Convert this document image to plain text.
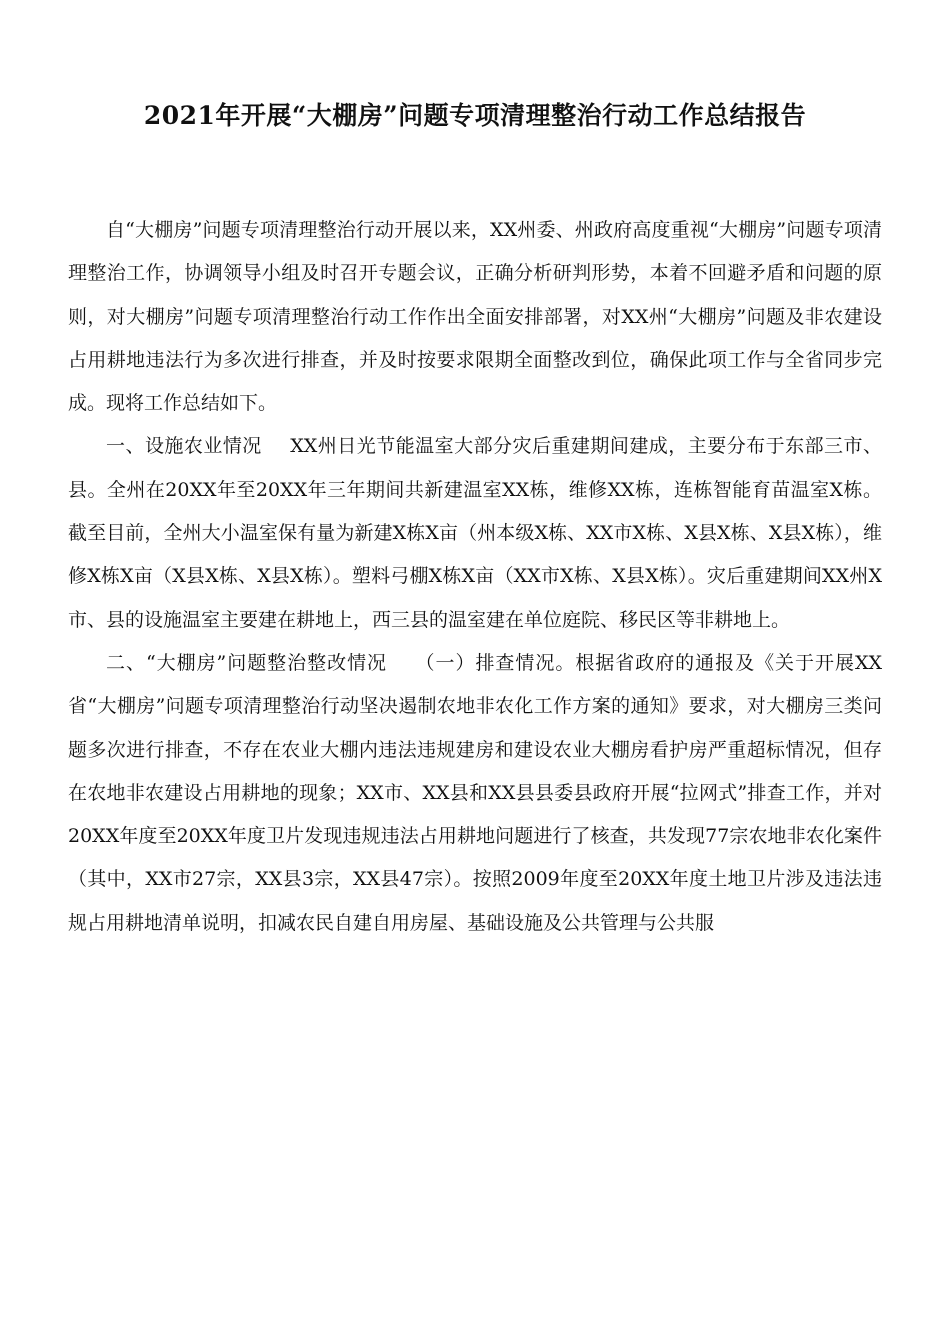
2021年开展“大棚房”问题专项清理整治行动工作总结报告

自“大棚房”问题专项清理整治行动开展以来，XX州委、州政府高度重视“大棚房”问题专项清理整治工作，协调领导小组及时召开专题会议，正确分析研判形势，本着不回避矛盾和问题的原则，对大棚房”问题专项清理整治行动工作作出全面安排部署，对XX州“大棚房”问题及非农建设占用耕地违法行为多次进行排查，并及时按要求限期全面整改到位，确保此项工作与全省同步完成。现将工作总结如下。

一、设施农业情况 XX州日光节能温室大部分灾后重建期间建成，主要分布于东部三市、县。全州在20XX年至20XX年三年期间共新建温室XX栋，维修XX栋，连栋智能育苗温室X栋。截至目前，全州大小温室保有量为新建X栋X亩（州本级X栋、XX市X栋、X县X栋、X县X栋），维修X栋X亩（X县X栋、X县X栋）。塑料弓棚X栋X亩（XX市X栋、X县X栋）。灾后重建期间XX州X市、县的设施温室主要建在耕地上，西三县的温室建在单位庭院、移民区等非耕地上。

二、“大棚房”问题整治整改情况 （一）排查情况。根据省政府的通报及《关于开展XX省“大棚房”问题专项清理整治行动坚决遏制农地非农化工作方案的通知》要求，对大棚房三类问题多次进行排查，不存在农业大棚内违法违规建房和建设农业大棚房看护房严重超标情况，但存在农地非农建设占用耕地的现象；XX市、XX县和XX县县委县政府开展“拉网式”排查工作，并对20XX年度至20XX年度卫片发现违规违法占用耕地问题进行了核查，共发现77宗农地非农化案件（其中，XX市27宗，XX县3宗，XX县47宗）。按照2009年度至20XX年度土地卫片涉及违法违规占用耕地清单说明，扣减农民自建自用房屋、基础设施及公共管理与公共服
